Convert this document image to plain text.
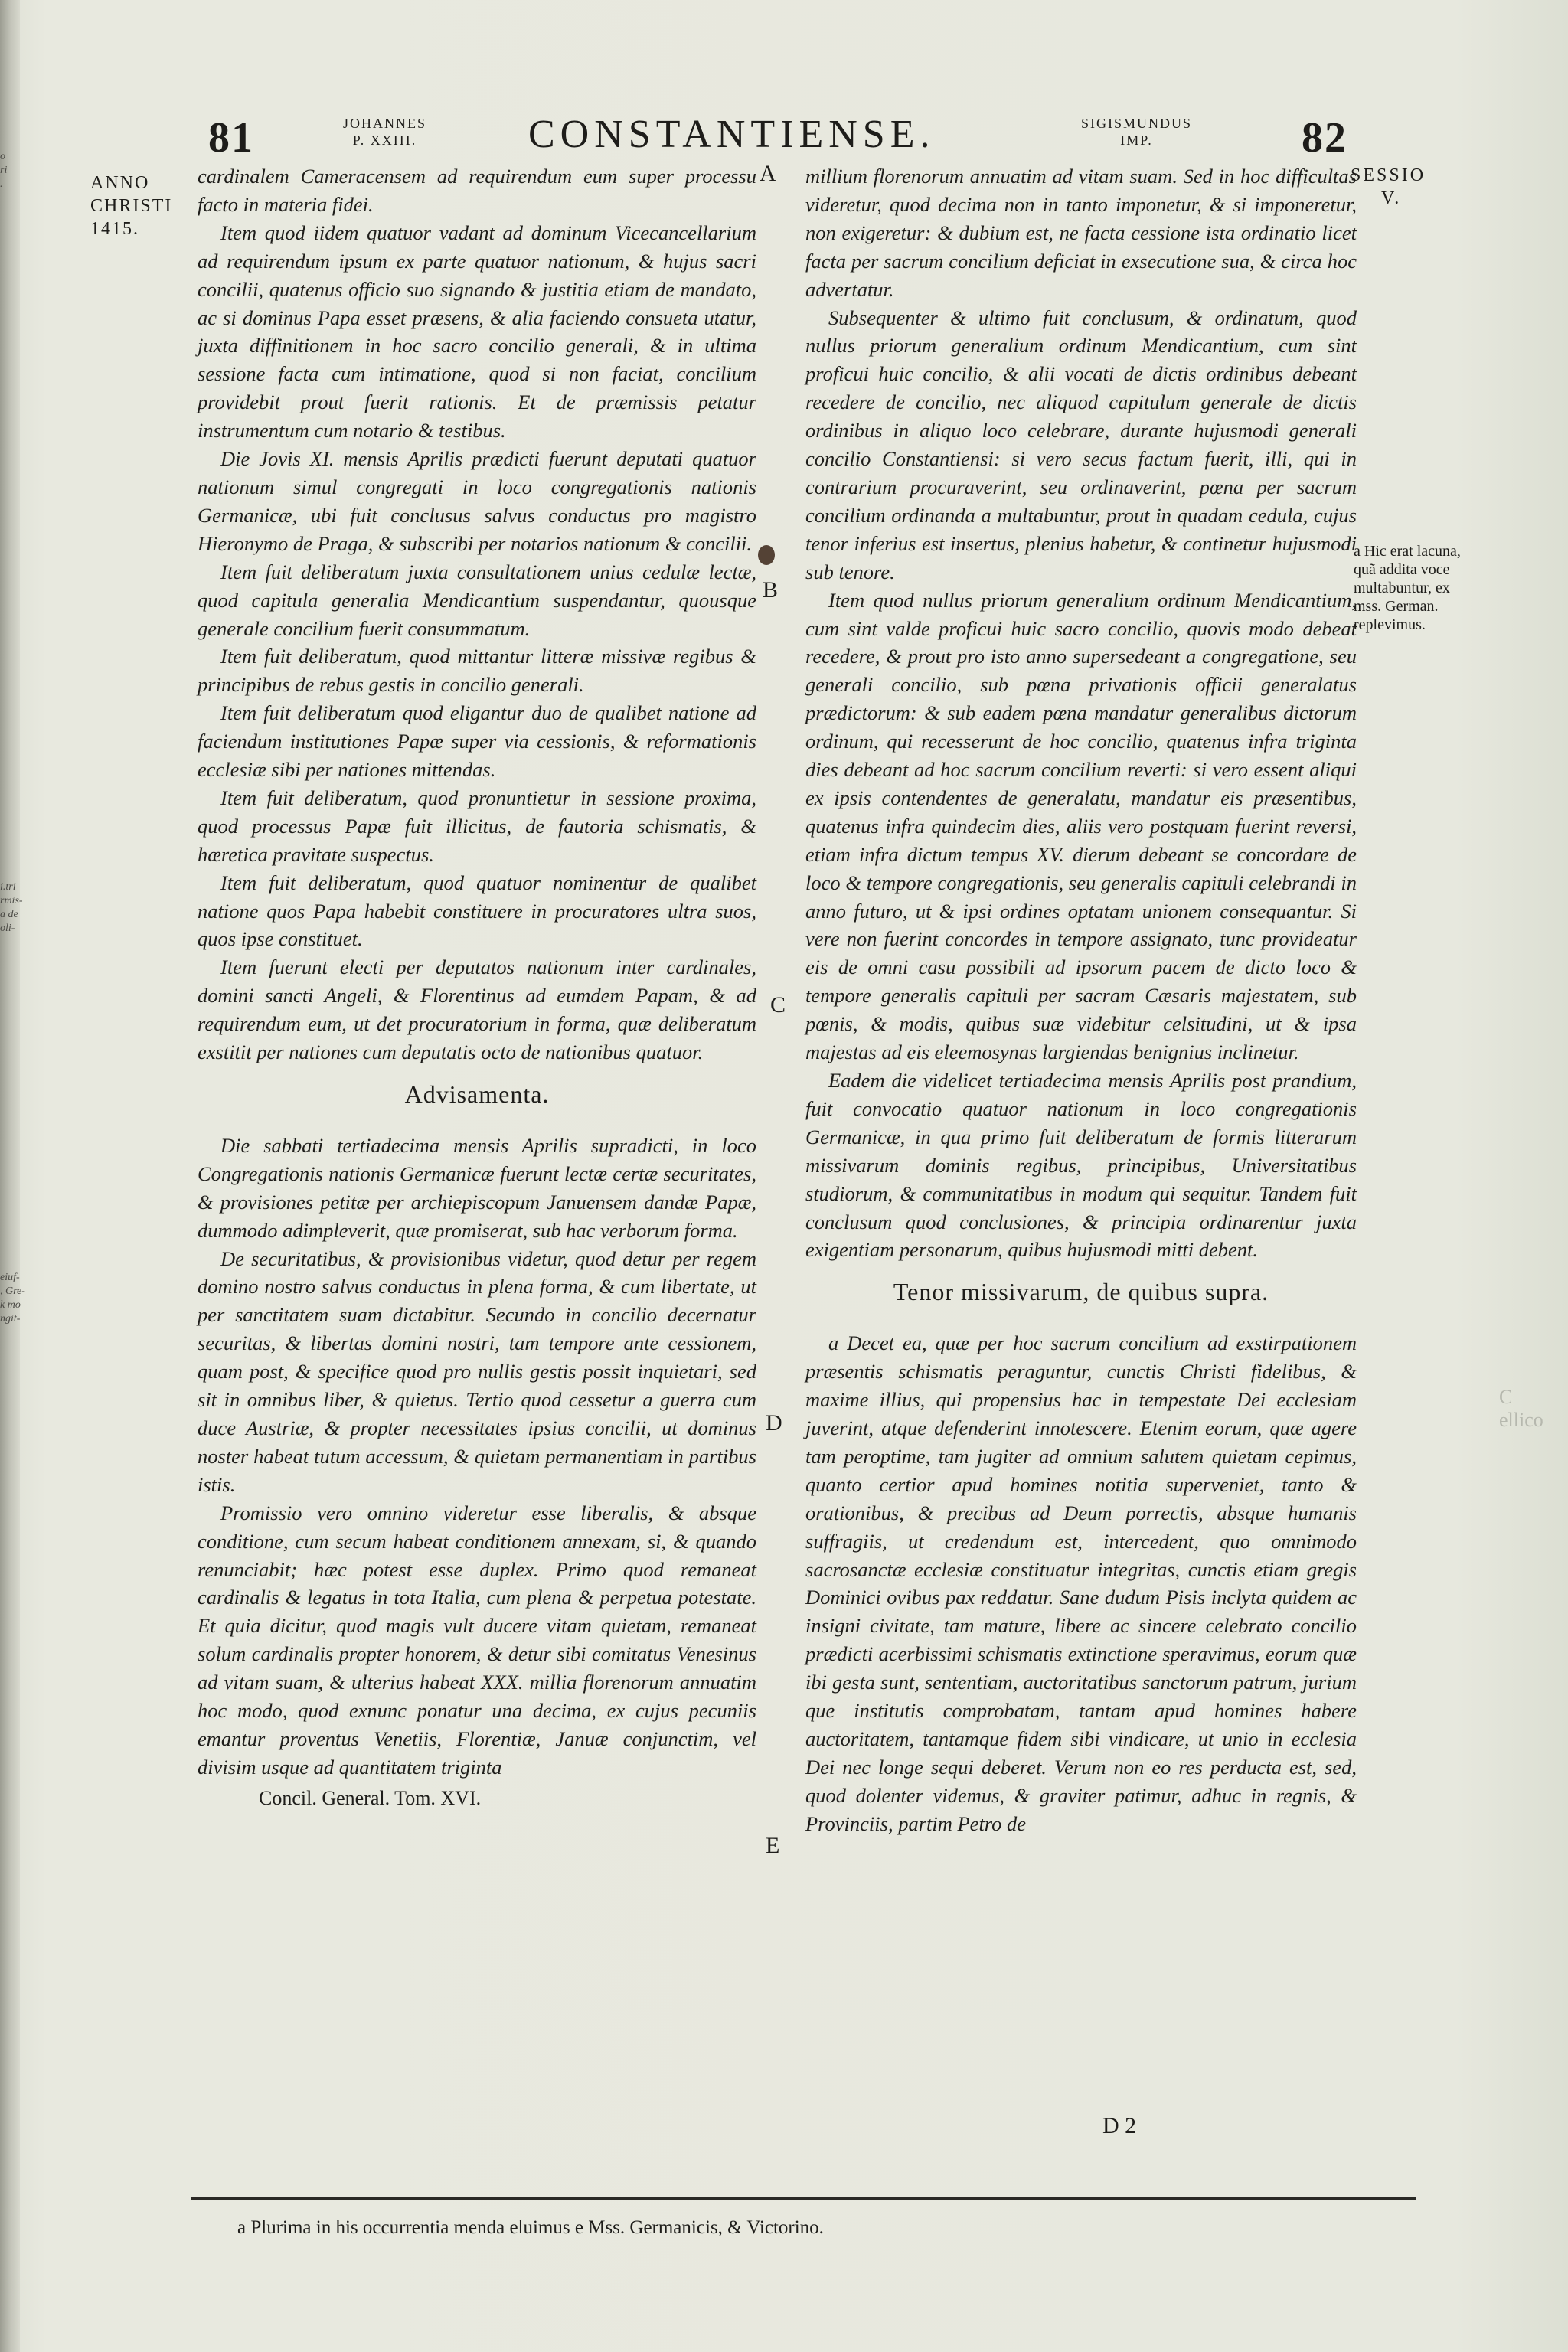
o
ri
.
i.tri
rmis-
a de
oli-
eiuf-
, Gre-
k mo
ngit-
81	JOHANNES
P. XXIII.	CONSTANTIENSE.	SIGISMUNDUS
IMP.	82
ANNO
CHRISTI
1415.
SESSIO
V.
a Hic erat lacuna, quã addita voce multabuntur, ex mss. German. replevimus.
A
B
C
D
E

cardinalem Cameracensem ad requirendum eum super processu facto in materia fidei.

Item quod iidem quatuor vadant ad dominum Vicecancellarium ad requirendum ipsum ex parte quatuor nationum, & hujus sacri concilii, quatenus officio suo signando & justitia etiam de mandato, ac si dominus Papa esset præsens, & alia faciendo consueta utatur, juxta diffinitionem in hoc sacro concilio generali, & in ultima sessione facta cum intimatione, quod si non faciat, concilium providebit prout fuerit rationis. Et de præmissis petatur instrumentum cum notario & testibus.

Die Jovis XI. mensis Aprilis prædicti fuerunt deputati quatuor nationum simul congregati in loco congregationis nationis Germanicæ, ubi fuit conclusus salvus conductus pro magistro Hieronymo de Praga, & subscribi per notarios nationum & concilii.

Item fuit deliberatum juxta consultationem unius cedulæ lectæ, quod capitula generalia Mendicantium suspendantur, quousque generale concilium fuerit consummatum.

Item fuit deliberatum, quod mittantur litteræ missivæ regibus & principibus de rebus gestis in concilio generali.

Item fuit deliberatum quod eligantur duo de qualibet natione ad faciendum institutiones Papæ super via cessionis, & reformationis ecclesiæ sibi per nationes mittendas.

Item fuit deliberatum, quod pronuntietur in sessione proxima, quod processus Papæ fuit illicitus, de fautoria schismatis, & hæretica pravitate suspectus.

Item fuit deliberatum, quod quatuor nominentur de qualibet natione quos Papa habebit constituere in procuratores ultra suos, quos ipse constituet.

Item fuerunt electi per deputatos nationum inter cardinales, domini sancti Angeli, & Florentinus ad eumdem Papam, & ad requirendum eum, ut det procuratorium in forma, quæ deliberatum exstitit per nationes cum deputatis octo de nationibus quatuor.

Advisamenta.

Die sabbati tertiadecima mensis Aprilis supradicti, in loco Congregationis nationis Germanicæ fuerunt lectæ certæ securitates, & provisiones petitæ per archiepiscopum Januensem dandæ Papæ, dummodo adimpleverit, quæ promiserat, sub hac verborum forma.

De securitatibus, & provisionibus videtur, quod detur per regem domino nostro salvus conductus in plena forma, & cum libertate, ut per sanctitatem suam dictabitur. Secundo in concilio decernatur securitas, & libertas domini nostri, tam tempore ante cessionem, quam post, & specifice quod pro nullis gestis possit inquietari, sed sit in omnibus liber, & quietus. Tertio quod cessetur a guerra cum duce Austriæ, & propter necessitates ipsius concilii, ut dominus noster habeat tutum accessum, & quietam permanentiam in partibus istis.

Promissio vero omnino videretur esse liberalis, & absque conditione, cum secum habeat conditionem annexam, si, & quando renunciabit; hæc potest esse duplex. Primo quod remaneat cardinalis & legatus in tota Italia, cum plena & perpetua potestate. Et quia dicitur, quod magis vult ducere vitam quietam, remaneat solum cardinalis propter honorem, & detur sibi comitatus Venesinus ad vitam suam, & ulterius habeat XXX. millia florenorum annuatim hoc modo, quod exnunc ponatur una decima, ex cujus pecuniis emantur proventus Venetiis, Florentiæ, Januæ conjunctim, vel divisim usque ad quantitatem triginta

Concil. General. Tom. XVI.

millium florenorum annuatim ad vitam suam. Sed in hoc difficultas videretur, quod decima non in tanto imponetur, & si imponeretur, non exigeretur: & dubium est, ne facta cessione ista ordinatio licet facta per sacrum concilium deficiat in exsecutione sua, & circa hoc advertatur.

Subsequenter & ultimo fuit conclusum, & ordinatum, quod nullus priorum generalium ordinum Mendicantium, cum sint proficui huic concilio, & alii vocati de dictis ordinibus debeant recedere de concilio, nec aliquod capitulum generale de dictis ordinibus in aliquo loco celebrare, durante hujusmodi generali concilio Constantiensi: si vero secus factum fuerit, illi, qui in contrarium procuraverint, seu ordinaverint, pœna per sacrum concilium ordinanda a multabuntur, prout in quadam cedula, cujus tenor inferius est insertus, plenius habetur, & continetur hujusmodi sub tenore.

Item quod nullus priorum generalium ordinum Mendicantium, cum sint valde proficui huic sacro concilio, quovis modo debeat recedere, & prout pro isto anno supersedeant a congregatione, seu generali concilio, sub pœna privationis officii generalatus prædictorum: & sub eadem pœna mandatur generalibus dictorum ordinum, qui recesserunt de hoc concilio, quatenus infra triginta dies debeant ad hoc sacrum concilium reverti: si vero essent aliqui ex ipsis contendentes de generalatu, mandatur eis præsentibus, quatenus infra quindecim dies, aliis vero postquam fuerint reversi, etiam infra dictum tempus XV. dierum debeant se concordare de loco & tempore congregationis, seu generalis capituli celebrandi in anno futuro, ut & ipsi ordines optatam unionem consequantur. Si vere non fuerint concordes in tempore assignato, tunc provideatur eis de omni casu possibili ad ipsorum pacem de dicto loco & tempore generalis capituli per sacram Cæsaris majestatem, sub pœnis, & modis, quibus suæ videbitur celsitudini, ut & ipsa majestas ad eis eleemosynas largiendas benignius inclinetur.

Eadem die videlicet tertiadecima mensis Aprilis post prandium, fuit convocatio quatuor nationum in loco congregationis Germanicæ, in qua primo fuit deliberatum de formis litterarum missivarum dominis regibus, principibus, Universitatibus studiorum, & communitatibus in modum qui sequitur. Tandem fuit conclusum quod conclusiones, & principia ordinarentur juxta exigentiam personarum, quibus hujusmodi mitti debent.

Tenor missivarum, de quibus supra.

a Decet ea, quæ per hoc sacrum concilium ad exstirpationem præsentis schismatis peraguntur, cunctis Christi fidelibus, & maxime illius, qui propensius hac in tempestate Dei ecclesiam juverint, atque defenderint innotescere. Etenim eorum, quæ agere tam peroptime, tam jugiter ad omnium salutem quietam cepimus, quanto certior apud homines notitia superveniet, tanto & orationibus, & precibus ad Deum porrectis, absque humanis suffragiis, ut credendum est, intercedent, quo omnimodo sacrosanctæ ecclesiæ constituatur integritas, cunctis etiam gregis Dominici ovibus pax reddatur. Sane dudum Pisis inclyta quidem ac insigni civitate, tam mature, libere ac sincere celebrato concilio prædicti acerbissimi schismatis extinctione speravimus, eorum quæ ibi gesta sunt, sententiam, auctoritatibus sanctorum patrum, jurium que institutis comprobatam, tantam apud homines habere auctoritatem, tantamque fidem sibi vindicare, ut unio in ecclesia Dei nec longe sequi deberet. Verum non eo res perducta est, sed, quod dolenter videmus, & graviter patimur, adhuc in regnis, & Provinciis, partim Petro de

D 2
C
ellico
a Plurima in his occurrentia menda eluimus e Mss. Germanicis, & Victorino.
